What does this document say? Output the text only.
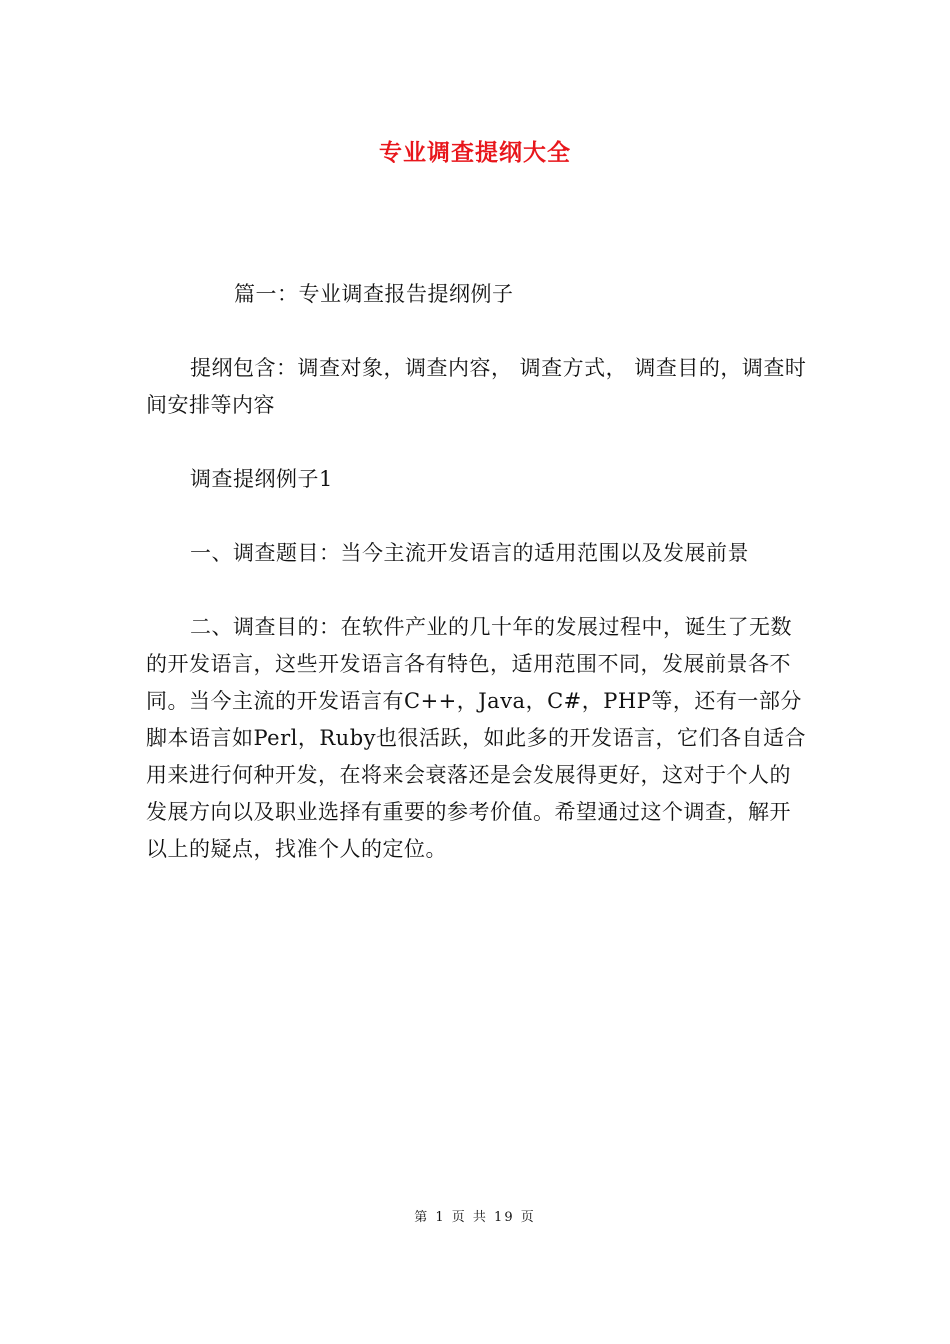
专业调查提纲大全

篇一：专业调查报告提纲例子

提纲包含：调查对象，调查内容， 调查方式， 调查目的，调查时间安排等内容

调查提纲例子1

一、调查题目：当今主流开发语言的适用范围以及发展前景

二、调查目的：在软件产业的几十年的发展过程中，诞生了无数的开发语言，这些开发语言各有特色，适用范围不同，发展前景各不同。当今主流的开发语言有C++，Java，C#，PHP等，还有一部分脚本语言如Perl，Ruby也很活跃，如此多的开发语言，它们各自适合用来进行何种开发，在将来会衰落还是会发展得更好，这对于个人的发展方向以及职业选择有重要的参考价值。希望通过这个调查，解开以上的疑点，找准个人的定位。

第 1 页 共 19 页
